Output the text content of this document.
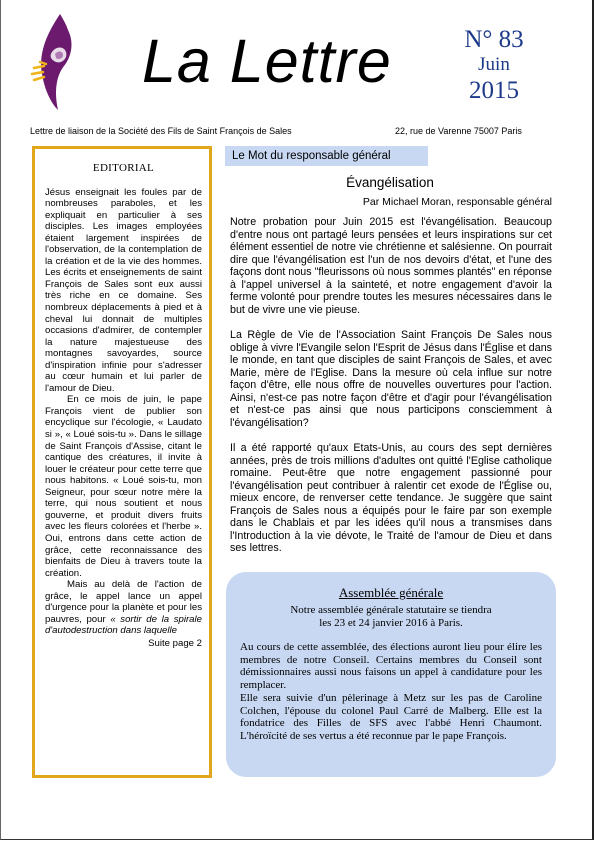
La Lettre	N° 83
Juin
2015
Lettre de liaison de la Société des Fils de Saint François de Sales	22, rue de Varenne 75007 Paris
EDITORIAL

Jésus enseignait les foules par de nombreuses paraboles, et les expliquait en particulier à ses disciples. Les images employées étaient largement inspirées de l'observation, de la contemplation de la création et de la vie des hommes. Les écrits et enseignements de saint François de Sales sont eux aussi très riche en ce domaine. Ses nombreux déplacements à pied et à cheval lui donnait de multiples occasions d'admirer, de contempler la nature majestueuse des montagnes savoyardes, source d'inspiration infinie pour s'adresser au cœur humain et lui parler de l'amour de Dieu.

En ce mois de juin, le pape François vient de publier son encyclique sur l'écologie, « Laudato si », « Loué sois-tu ». Dans le sillage de Saint François d'Assise, citant le cantique des créatures, il invite à louer le créateur pour cette terre que nous habitons. « Loué sois-tu, mon Seigneur, pour sœur notre mère la terre, qui nous soutient et nous gouverne, et produit divers fruits avec les fleurs colorées et l'herbe ». Oui, entrons dans cette action de grâce, cette reconnaissance des bienfaits de Dieu à travers toute la création.

Mais au delà de l'action de grâce, le appel lance un appel d'urgence pour la planète et pour les pauvres, pour « sortir de la spirale d'autodestruction dans laquelle

Suite page 2
Le Mot du responsable général
Évangélisation
Par Michael Moran, responsable général

Notre probation pour Juin 2015 est l'évangélisation. Beaucoup d'entre nous ont partagé leurs pensées et leurs inspirations sur cet élément essentiel de notre vie chrétienne et salésienne. On pourrait dire que l'évangélisation est l'un de nos devoirs d'état, et l'une des façons dont nous "fleurissons où nous sommes plantés" en réponse à l'appel universel à la sainteté, et notre engagement d'avoir la ferme volonté pour prendre toutes les mesures nécessaires dans le but de vivre une vie pieuse.

La Règle de Vie de l'Association Saint François De Sales nous oblige à vivre l'Evangile selon l'Esprit de Jésus dans l'Église et dans le monde, en tant que disciples de saint François de Sales, et avec Marie, mère de l'Eglise. Dans la mesure où cela influe sur notre façon d'être, elle nous offre de nouvelles ouvertures pour l'action. Ainsi, n'est-ce pas notre façon d'être et d'agir pour l'évangélisation et n'est-ce pas ainsi que nous participons consciemment à l'évangélisation?

Il a été rapporté qu'aux Etats-Unis, au cours des sept dernières années, près de trois millions d'adultes ont quitté l'Eglise catholique romaine. Peut-être que notre engagement passionné pour l'évangélisation peut contribuer à ralentir cet exode de l'Église ou, mieux encore, de renverser cette tendance. Je suggère que saint François de Sales nous a équipés pour le faire par son exemple dans le Chablais et par les idées qu'il nous a transmises dans l'Introduction à la vie dévote, le Traité de l'amour de Dieu et dans ses lettres.

Assemblée générale
Notre assemblée générale statutaire se tiendra
les 23 et 24 janvier 2016 à Paris.

Au cours de cette assemblée, des élections auront lieu pour élire les membres de notre Conseil. Certains membres du Conseil sont démissionnaires aussi nous faisons un appel à candidature pour les remplacer.

Elle sera suivie d'un pèlerinage à Metz sur les pas de Caroline Colchen, l'épouse du colonel Paul Carré de Malberg. Elle est la fondatrice des Filles de SFS avec l'abbé Henri Chaumont. L'héroïcité de ses vertus a été reconnue par le pape François.
